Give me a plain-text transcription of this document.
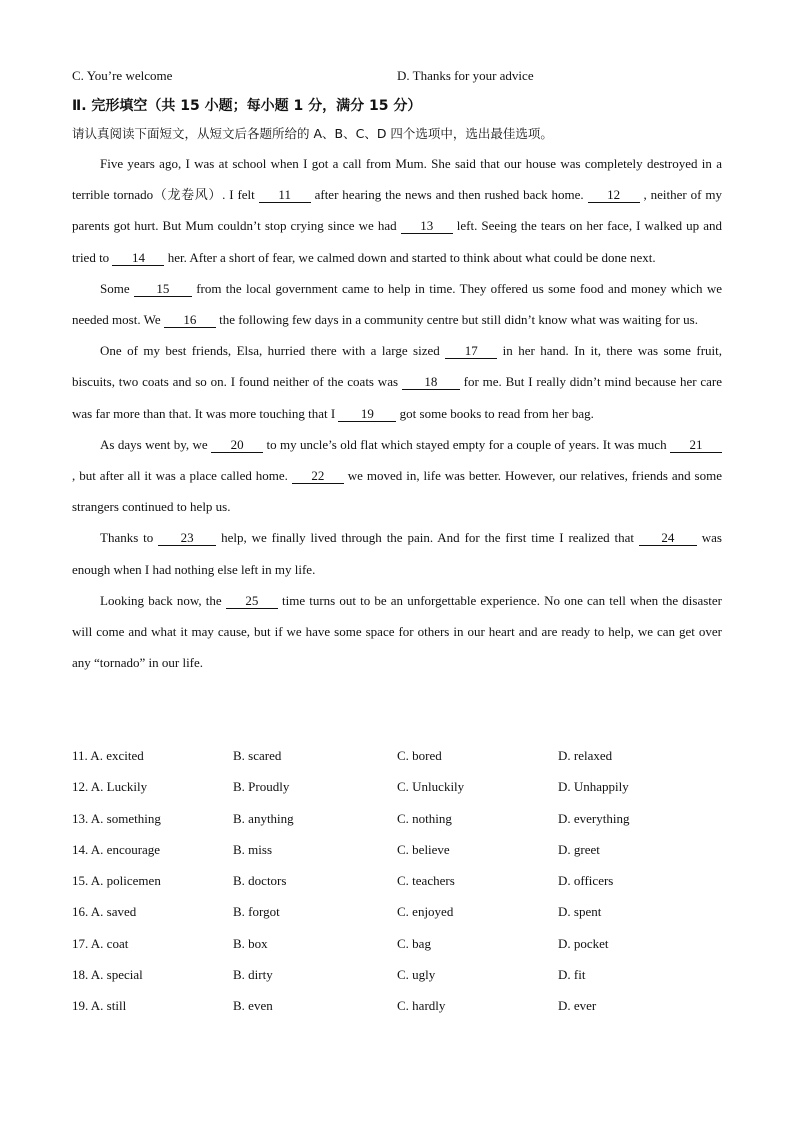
C. You’re welcome	D. Thanks for your advice
Ⅱ. 完形填空（共 15 小题；每小题 1 分，满分 15 分）
请认真阅读下面短文，从短文后各题所给的 A、B、C、D 四个选项中，选出最佳选项。

Five years ago, I was at school when I got a call from Mum. She said that our house was completely destroyed in a terrible tornado（龙卷风）. I felt 11 after hearing the news and then rushed back home. 12 , neither of my parents got hurt. But Mum couldn’t stop crying since we had 13 left. Seeing the tears on her face, I walked up and tried to 14 her. After a short of fear, we calmed down and started to think about what could be done next.

Some 15 from the local government came to help in time. They offered us some food and money which we needed most. We 16 the following few days in a community centre but still didn’t know what was waiting for us.

One of my best friends, Elsa, hurried there with a large sized 17 in her hand. In it, there was some fruit, biscuits, two coats and so on. I found neither of the coats was 18 for me. But I really didn’t mind because her care was far more than that. It was more touching that I 19 got some books to read from her bag.

As days went by, we 20 to my uncle’s old flat which stayed empty for a couple of years. It was much 21 , but after all it was a place called home. 22 we moved in, life was better. However, our relatives, friends and some strangers continued to help us.

Thanks to 23 help, we finally lived through the pain. And for the first time I realized that 24 was enough when I had nothing else left in my life.

Looking back now, the 25 time turns out to be an unforgettable experience. No one can tell when the disaster will come and what it may cause, but if we have some space for others in our heart and are ready to help, we can get over any “tornado” in our life.

11. A. excited	B. scared	C. bored	D. relaxed
12. A. Luckily	B. Proudly	C. Unluckily	D. Unhappily
13. A. something	B. anything	C. nothing	D. everything
14. A. encourage	B. miss	C. believe	D. greet
15. A. policemen	B. doctors	C. teachers	D. officers
16. A. saved	B. forgot	C. enjoyed	D. spent
17. A. coat	B. box	C. bag	D. pocket
18. A. special	B. dirty	C. ugly	D. fit
19. A. still	B. even	C. hardly	D. ever
